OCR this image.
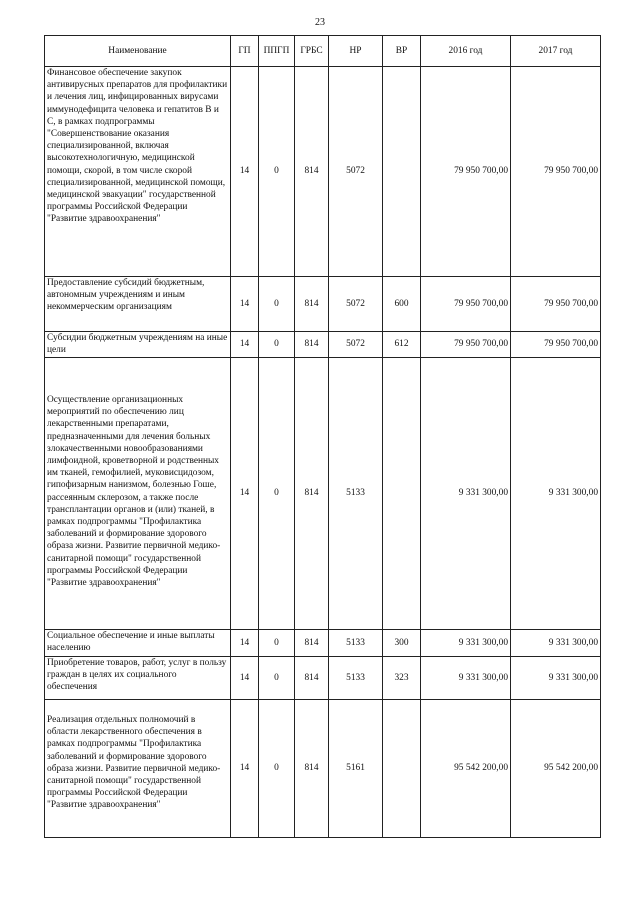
23
Наименование	ГП	ППГП	ГРБС	НР	ВР	2016 год	2017 год
Финансовое обеспечение закупок антивирусных препаратов для профилактики и лечения лиц, инфицированных вирусами иммунодефицита человека и гепатитов В и С, в рамках подпрограммы "Совершенствование оказания специализированной, включая высокотехнологичную, медицинской помощи, скорой, в том числе скорой специализированной, медицинской помощи, медицинской эвакуации" государственной программы Российской Федерации "Развитие здравоохранения"	14	0	814	5072		79 950 700,00	79 950 700,00
Предоставление субсидий бюджетным, автономным учреждениям и иным некоммерческим организациям	14	0	814	5072	600	79 950 700,00	79 950 700,00
Субсидии бюджетным учреждениям на иные цели	14	0	814	5072	612	79 950 700,00	79 950 700,00
Осуществление организационных мероприятий по обеспечению лиц лекарственными препаратами, предназначенными для лечения больных злокачественными новообразованиями лимфоидной, кроветворной и родственных им тканей, гемофилией, муковисцидозом, гипофизарным нанизмом, болезнью Гоше, рассеянным склерозом, а также после трансплантации органов и (или) тканей, в рамках подпрограммы "Профилактика заболеваний и формирование здорового образа жизни. Развитие первичной медико-санитарной помощи" государственной программы Российской Федерации "Развитие здравоохранения"	14	0	814	5133		9 331 300,00	9 331 300,00
Социальное обеспечение и иные выплаты населению	14	0	814	5133	300	9 331 300,00	9 331 300,00
Приобретение товаров, работ, услуг в пользу граждан в целях их социального обеспечения	14	0	814	5133	323	9 331 300,00	9 331 300,00
Реализация отдельных полномочий в области лекарственного обеспечения в рамках подпрограммы "Профилактика заболеваний и формирование здорового образа жизни. Развитие первичной медико-санитарной помощи" государственной программы Российской Федерации "Развитие здравоохранения"	14	0	814	5161		95 542 200,00	95 542 200,00
